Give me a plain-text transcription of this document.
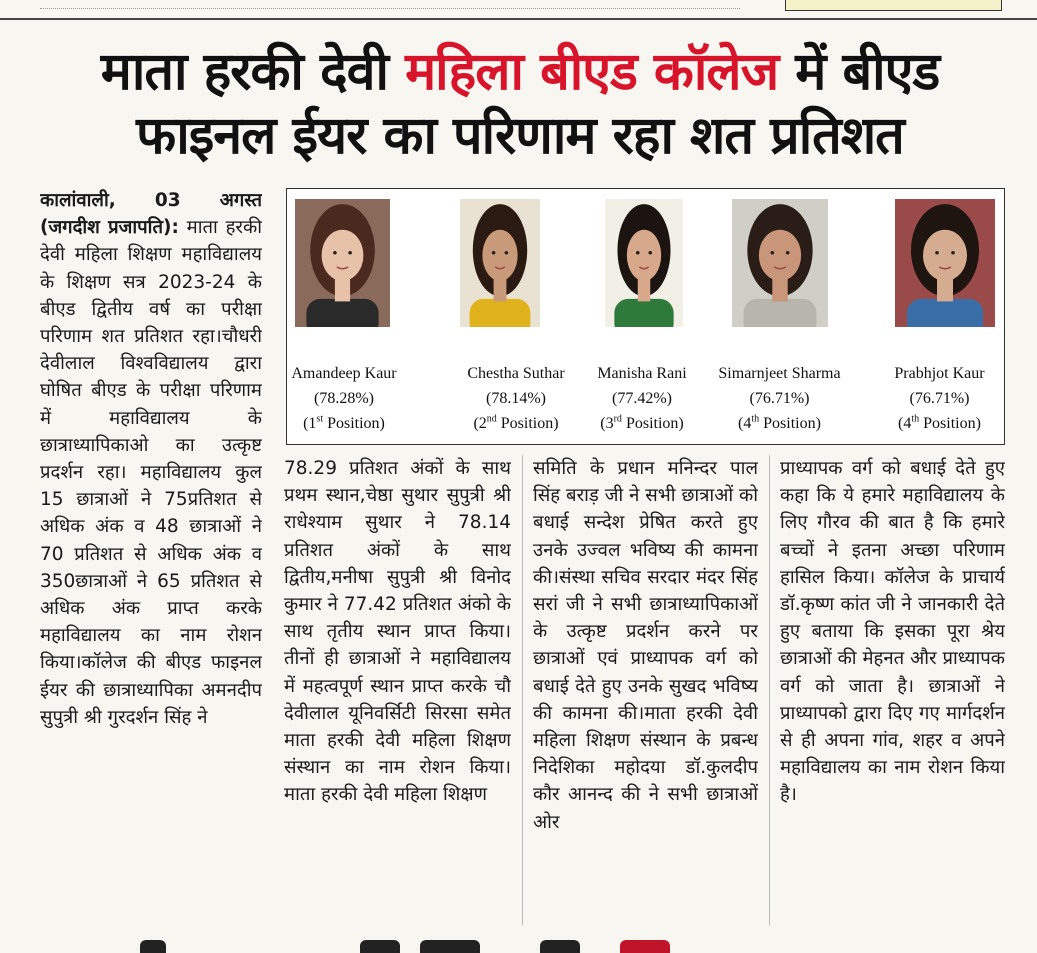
माता हरकी देवी महिला बीएड कॉलेज में बीएड
फाइनल ईयर का परिणाम रहा शत प्रतिशत
कालांवाली, 03 अगस्त (जगदीश प्रजापति): माता हरकी देवी महिला शिक्षण महाविद्यालय के शिक्षण सत्र 2023-24 के बीएड द्वितीय वर्ष का परीक्षा परिणाम शत प्रतिशत रहा।चौधरी देवीलाल विश्वविद्यालय द्वारा घोषित बीएड के परीक्षा परिणाम में महाविद्यालय के छात्राध्यापिकाओ का उत्कृष्ट प्रदर्शन रहा। महाविद्यालय कुल 15 छात्राओं ने 75प्रतिशत से अधिक अंक व 48 छात्राओं ने 70 प्रतिशत से अधिक अंक व 350छात्राओं ने 65 प्रतिशत से अधिक अंक प्राप्त करके महाविद्यालय का नाम रोशन किया।कॉलेज की बीएड फाइनल ईयर की छात्राध्यापिका अमनदीप सुपुत्री श्री गुरदर्शन सिंह ने
Amandeep Kaur
(78.28%)
(1st Position)
Chestha Suthar
(78.14%)
(2nd Position)
Manisha Rani
(77.42%)
(3rd Position)
Simarnjeet Sharma
(76.71%)
(4th Position)
Prabhjot Kaur
(76.71%)
(4th Position)
78.29 प्रतिशत अंकों के साथ प्रथम स्थान,चेष्ठा सुथार सुपुत्री श्री राधेश्याम सुथार ने 78.14 प्रतिशत अंकों के साथ द्वितीय,मनीषा सुपुत्री श्री विनोद कुमार ने 77.42 प्रतिशत अंको के साथ तृतीय स्थान प्राप्त किया। तीनों ही छात्राओं ने महाविद्यालय में महत्वपूर्ण स्थान प्राप्त करके चौ देवीलाल यूनिवर्सिटी सिरसा समेत माता हरकी देवी महिला शिक्षण संस्थान का नाम रोशन किया। माता हरकी देवी महिला शिक्षण
समिति के प्रधान मनिन्दर पाल सिंह बराड़ जी ने सभी छात्राओं को बधाई सन्देश प्रेषित करते हुए उनके उज्वल भविष्य की कामना की।संस्था सचिव सरदार मंदर सिंह सरां जी ने सभी छात्राध्यापिकाओं के उत्कृष्ट प्रदर्शन करने पर छात्राओं एवं प्राध्यापक वर्ग को बधाई देते हुए उनके सुखद भविष्य की कामना की।माता हरकी देवी महिला शिक्षण संस्थान के प्रबन्ध निदेशिका महोदया डॉ.कुलदीप कौर आनन्द की ने सभी छात्राओं ओर
प्राध्यापक वर्ग को बधाई देते हुए कहा कि ये हमारे महाविद्यालय के लिए गौरव की बात है कि हमारे बच्चों ने इतना अच्छा परिणाम हासिल किया। कॉलेज के प्राचार्य डॉ.कृष्ण कांत जी ने जानकारी देते हुए बताया कि इसका पूरा श्रेय छात्राओं की मेहनत और प्राध्यापक वर्ग को जाता है। छात्राओं ने प्राध्यापको द्वारा दिए गए मार्गदर्शन से ही अपना गांव, शहर व अपने महाविद्यालय का नाम रोशन किया है।
